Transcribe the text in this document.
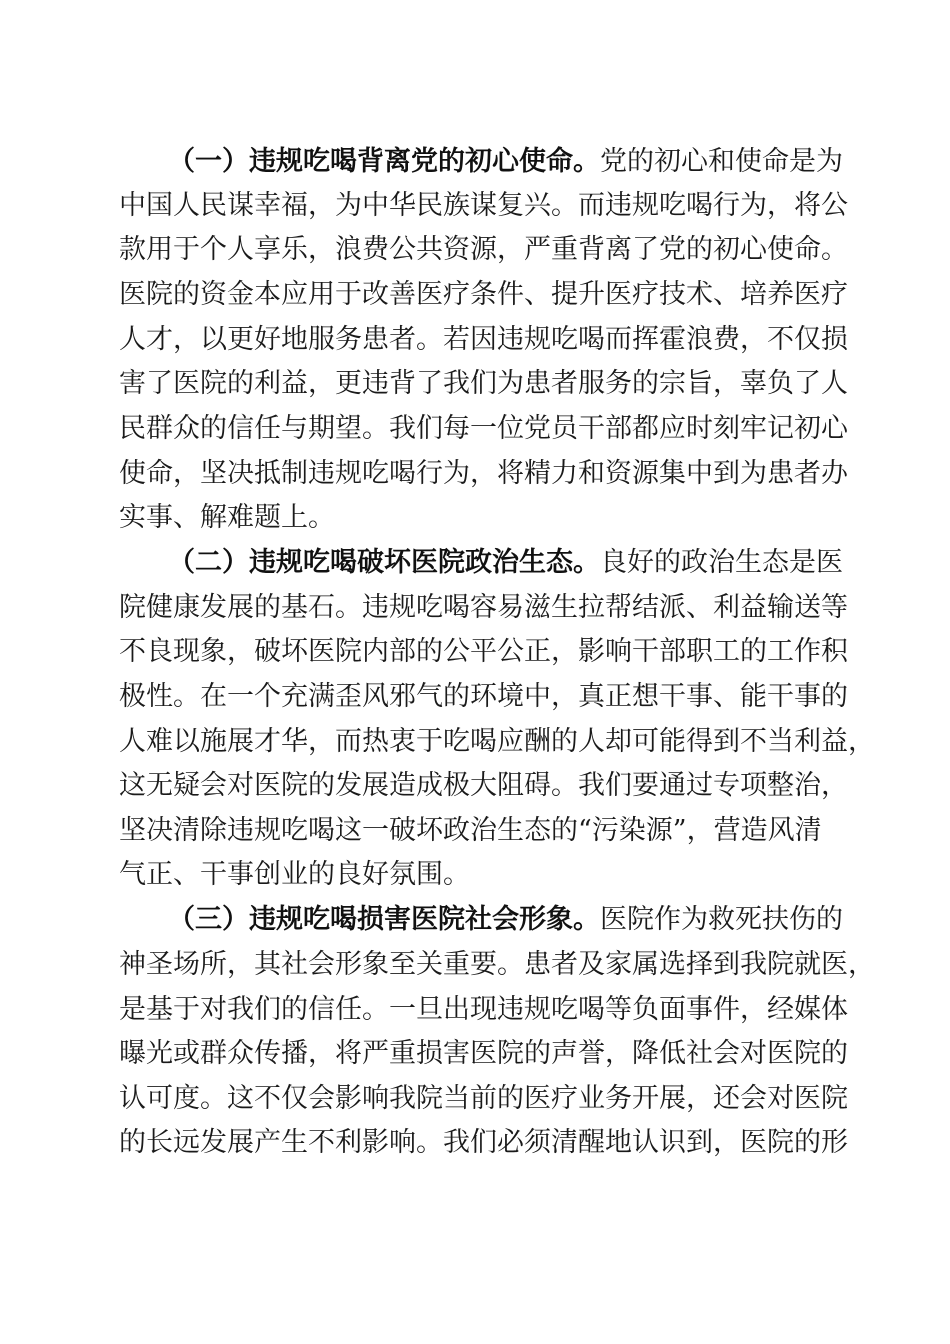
（一）违规吃喝背离党的初心使命。党的初心和使命是为
中国人民谋幸福，为中华民族谋复兴。而违规吃喝行为，将公
款用于个人享乐，浪费公共资源，严重背离了党的初心使命。
医院的资金本应用于改善医疗条件、提升医疗技术、培养医疗
人才，以更好地服务患者。若因违规吃喝而挥霍浪费，不仅损
害了医院的利益，更违背了我们为患者服务的宗旨，辜负了人
民群众的信任与期望。我们每一位党员干部都应时刻牢记初心
使命，坚决抵制违规吃喝行为，将精力和资源集中到为患者办
实事、解难题上。
（二）违规吃喝破坏医院政治生态。良好的政治生态是医
院健康发展的基石。违规吃喝容易滋生拉帮结派、利益输送等
不良现象，破坏医院内部的公平公正，影响干部职工的工作积
极性。在一个充满歪风邪气的环境中，真正想干事、能干事的
人难以施展才华，而热衷于吃喝应酬的人却可能得到不当利益，
这无疑会对医院的发展造成极大阻碍。我们要通过专项整治，
坚决清除违规吃喝这一破坏政治生态的“污染源”，营造风清
气正、干事创业的良好氛围。
（三）违规吃喝损害医院社会形象。医院作为救死扶伤的
神圣场所，其社会形象至关重要。患者及家属选择到我院就医，
是基于对我们的信任。一旦出现违规吃喝等负面事件，经媒体
曝光或群众传播，将严重损害医院的声誉，降低社会对医院的
认可度。这不仅会影响我院当前的医疗业务开展，还会对医院
的长远发展产生不利影响。我们必须清醒地认识到，医院的形
